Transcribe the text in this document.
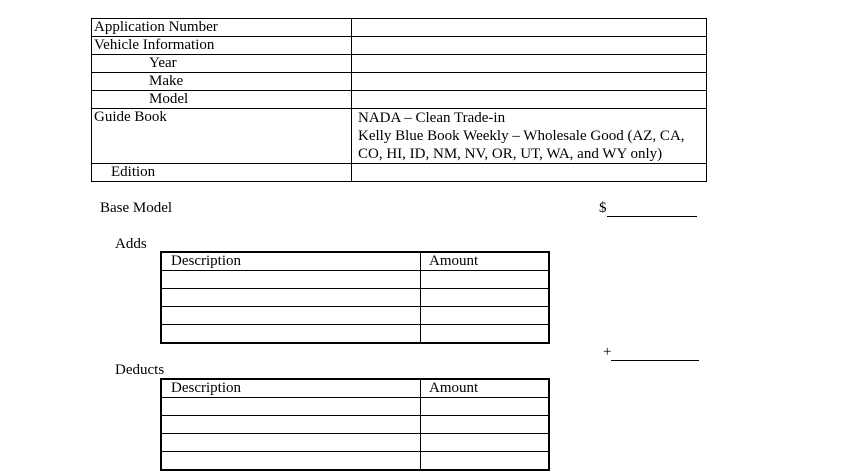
Application Number	
Vehicle Information	
Year	
Make	
Model	
Guide Book	NADA – Clean Trade-in
Kelly Blue Book Weekly – Wholesale Good (AZ, CA, CO, HI, ID, NM, NV, OR, UT, WA, and WY only)
Edition	
Base Model	$
Adds
Description	Amount

+
Deducts
Description	Amount
